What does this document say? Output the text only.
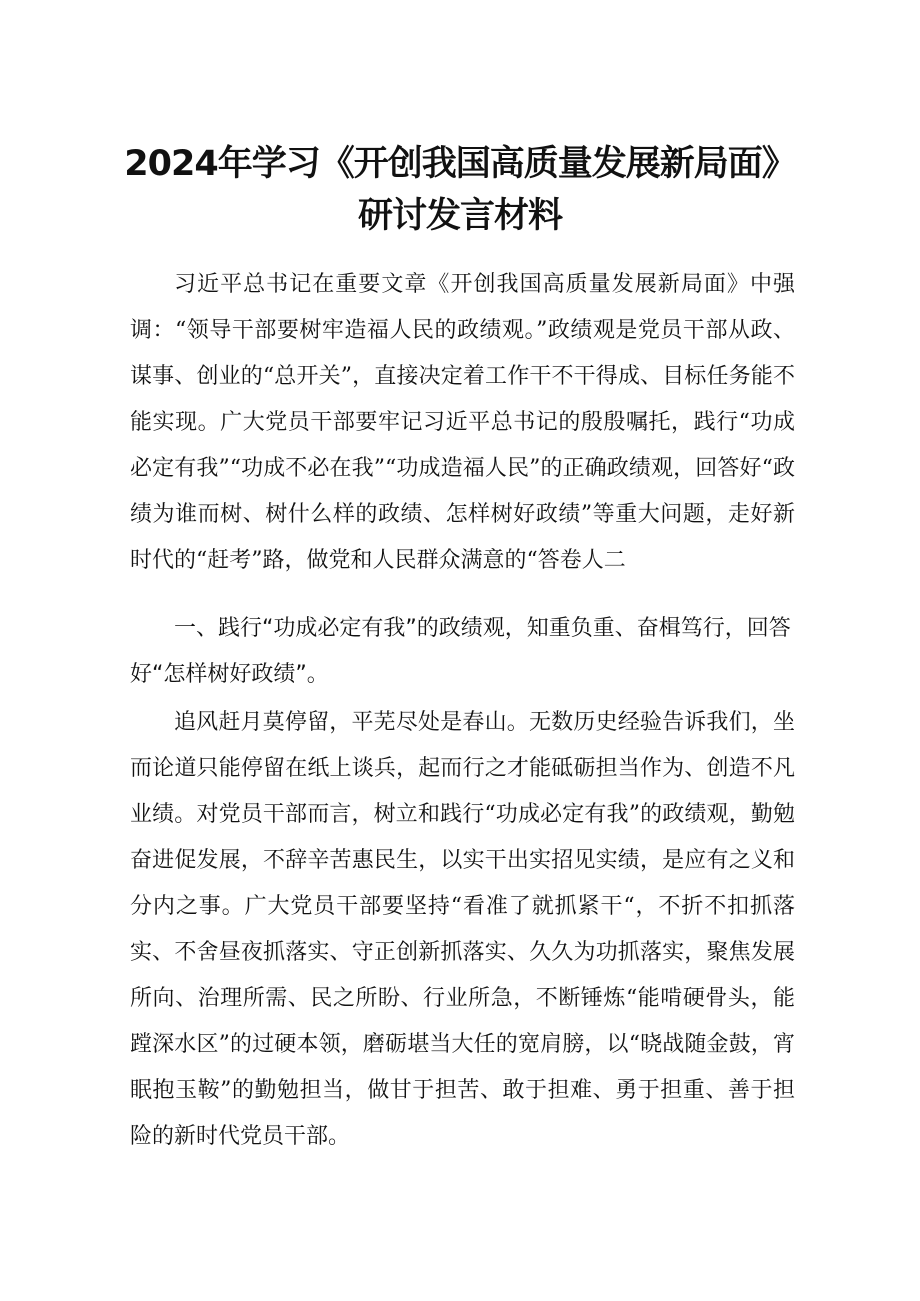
2024年学习《开创我国高质量发展新局面》研讨发言材料

习近平总书记在重要文章《开创我国高质量发展新局面》中强调：“领导干部要树牢造福人民的政绩观。”政绩观是党员干部从政、谋事、创业的“总开关”，直接决定着工作干不干得成、目标任务能不能实现。广大党员干部要牢记习近平总书记的殷殷嘱托，践行“功成必定有我”“功成不必在我”“功成造福人民”的正确政绩观，回答好“政绩为谁而树、树什么样的政绩、怎样树好政绩”等重大问题，走好新时代的“赶考”路，做党和人民群众满意的“答卷人二

一、践行“功成必定有我”的政绩观，知重负重、奋楫笃行，回答好“怎样树好政绩”。

追风赶月莫停留，平芜尽处是春山。无数历史经验告诉我们，坐而论道只能停留在纸上谈兵，起而行之才能砥砺担当作为、创造不凡业绩。对党员干部而言，树立和践行“功成必定有我”的政绩观，勤勉奋进促发展，不辞辛苦惠民生，以实干出实招见实绩，是应有之义和分内之事。广大党员干部要坚持“看准了就抓紧干“，不折不扣抓落实、不舍昼夜抓落实、守正创新抓落实、久久为功抓落实，聚焦发展所向、治理所需、民之所盼、行业所急，不断锤炼“能啃硬骨头，能蹚深水区”的过硬本领，磨砺堪当大任的宽肩膀，以“晓战随金鼓，宵眠抱玉鞍”的勤勉担当，做甘于担苦、敢于担难、勇于担重、善于担险的新时代党员干部。
